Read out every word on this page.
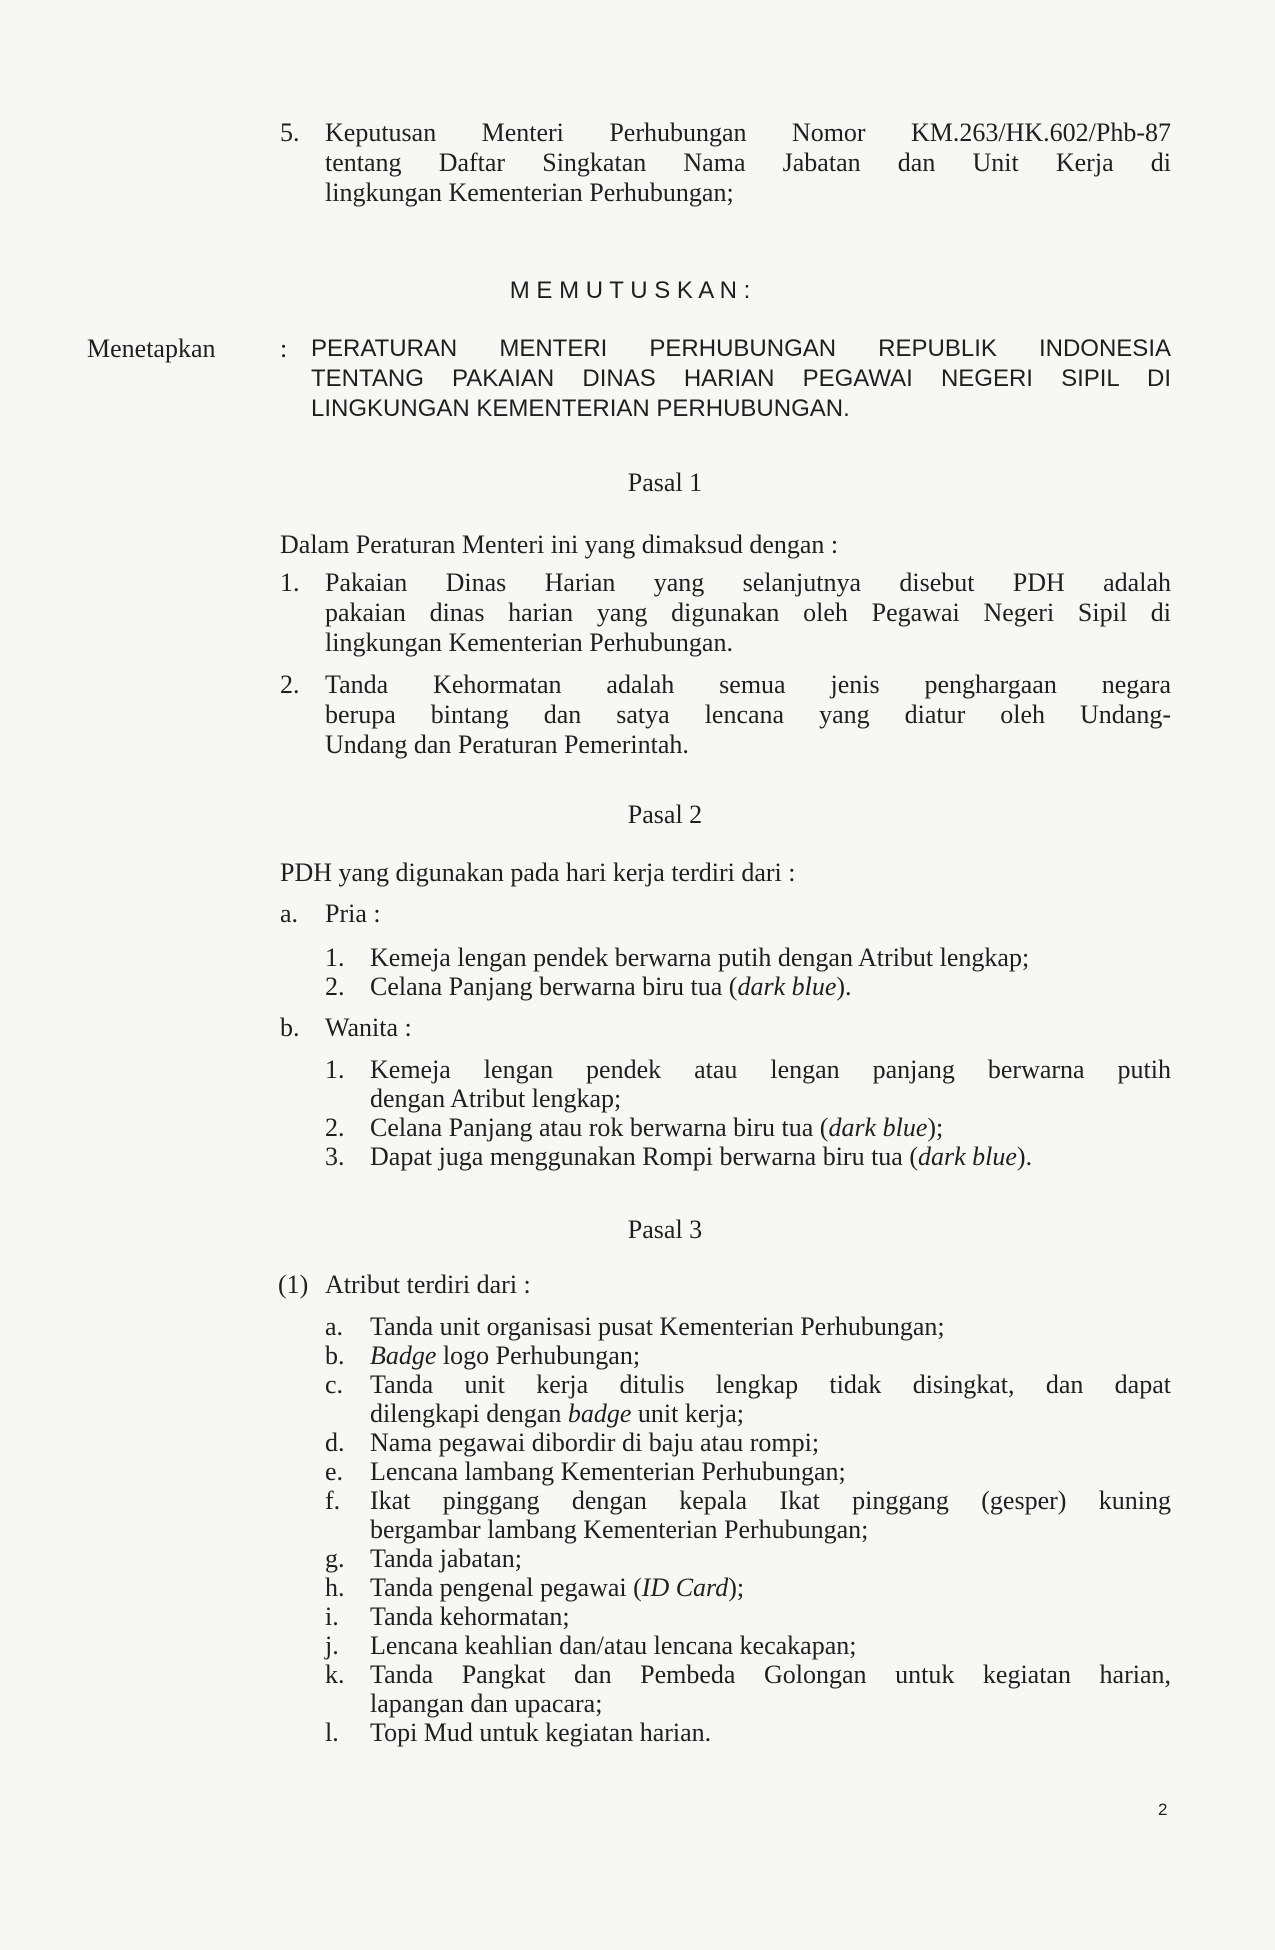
5. Keputusan Menteri Perhubungan Nomor KM.263/HK.602/Phb-87
tentang Daftar Singkatan Nama Jabatan dan Unit Kerja di
lingkungan Kementerian Perhubungan;
M E M U T U S K A N :
Menetapkan : PERATURAN MENTERI PERHUBUNGAN REPUBLIK INDONESIA
TENTANG PAKAIAN DINAS HARIAN PEGAWAI NEGERI SIPIL DI
LINGKUNGAN KEMENTERIAN PERHUBUNGAN.
Pasal 1
Dalam Peraturan Menteri ini yang dimaksud dengan :
1. Pakaian Dinas Harian yang selanjutnya disebut PDH adalah
pakaian dinas harian yang digunakan oleh Pegawai Negeri Sipil di
lingkungan Kementerian Perhubungan.
2. Tanda Kehormatan adalah semua jenis penghargaan negara
berupa bintang dan satya lencana yang diatur oleh Undang-
Undang dan Peraturan Pemerintah.
Pasal 2
PDH yang digunakan pada hari kerja terdiri dari :
a. Pria :
1. Kemeja lengan pendek berwarna putih dengan Atribut lengkap;
2. Celana Panjang berwarna biru tua (dark blue).
b. Wanita :
1. Kemeja lengan pendek atau lengan panjang berwarna putih
dengan Atribut lengkap;
2. Celana Panjang atau rok berwarna biru tua (dark blue);
3. Dapat juga menggunakan Rompi berwarna biru tua (dark blue).
Pasal 3
(1) Atribut terdiri dari :
a. Tanda unit organisasi pusat Kementerian Perhubungan;
b. Badge logo Perhubungan;
c. Tanda unit kerja ditulis lengkap tidak disingkat, dan dapat
dilengkapi dengan badge unit kerja;
d. Nama pegawai dibordir di baju atau rompi;
e. Lencana lambang Kementerian Perhubungan;
f. Ikat pinggang dengan kepala Ikat pinggang (gesper) kuning
bergambar lambang Kementerian Perhubungan;
g. Tanda jabatan;
h. Tanda pengenal pegawai (ID Card);
i. Tanda kehormatan;
j. Lencana keahlian dan/atau lencana kecakapan;
k. Tanda Pangkat dan Pembeda Golongan untuk kegiatan harian,
lapangan dan upacara;
l. Topi Mud untuk kegiatan harian.
2
